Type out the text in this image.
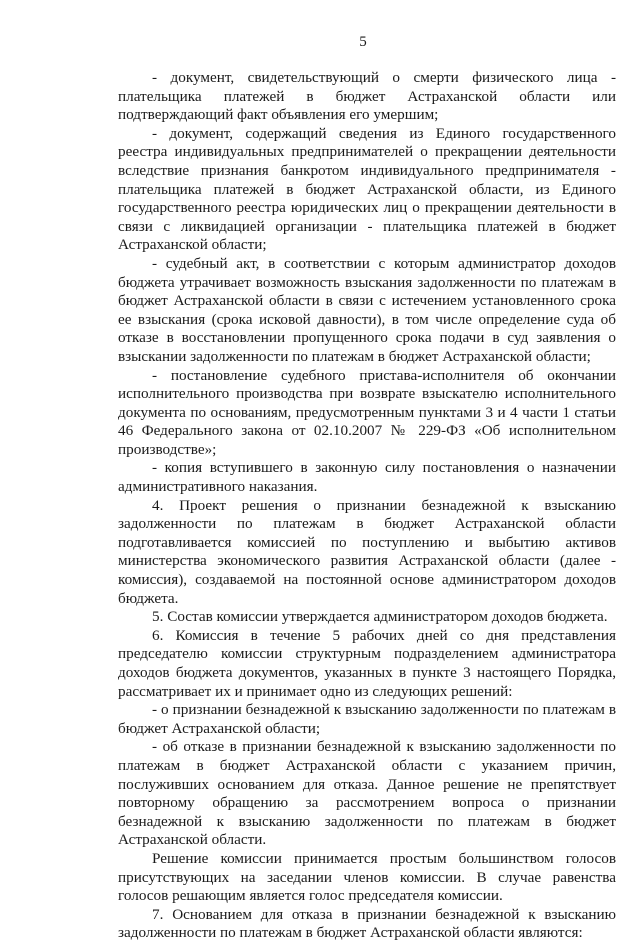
5

- документ, свидетельствующий о смерти физического лица - плательщика платежей в бюджет Астраханской области или подтверждающий факт объявления его умершим;

- документ, содержащий сведения из Единого государственного реестра индивидуальных предпринимателей о прекращении деятельности вследствие признания банкротом индивидуального предпринимателя - плательщика платежей в бюджет Астраханской области, из Единого государственного реестра юридических лиц о прекращении деятельности в связи с ликвидацией организации - плательщика платежей в бюджет Астраханской области;

- судебный акт, в соответствии с которым администратор доходов бюджета утрачивает возможность взыскания задолженности по платежам в бюджет Астраханской области в связи с истечением установленного срока ее взыскания (срока исковой давности), в том числе определение суда об отказе в восстановлении пропущенного срока подачи в суд заявления о взыскании задолженности по платежам в бюджет Астраханской области;

- постановление судебного пристава-исполнителя об окончании исполнительного производства при возврате взыскателю исполнительного документа по основаниям, предусмотренным пунктами 3 и 4 части 1 статьи 46 Федерального закона от 02.10.2007 № 229-ФЗ «Об исполнительном производстве»;

- копия вступившего в законную силу постановления о назначении административного наказания.

4. Проект решения о признании безнадежной к взысканию задолженности по платежам в бюджет Астраханской области подготавливается комиссией по поступлению и выбытию активов министерства экономического развития Астраханской области (далее - комиссия), создаваемой на постоянной основе администратором доходов бюджета.

5. Состав комиссии утверждается администратором доходов бюджета.

6. Комиссия в течение 5 рабочих дней со дня представления председателю комиссии структурным подразделением администратора доходов бюджета документов, указанных в пункте 3 настоящего Порядка, рассматривает их и принимает одно из следующих решений:

- о признании безнадежной к взысканию задолженности по платежам в бюджет Астраханской области;

- об отказе в признании безнадежной к взысканию задолженности по платежам в бюджет Астраханской области с указанием причин, послуживших основанием для отказа. Данное решение не препятствует повторному обращению за рассмотрением вопроса о признании безнадежной к взысканию задолженности по платежам в бюджет Астраханской области.

Решение комиссии принимается простым большинством голосов присутствующих на заседании членов комиссии. В случае равенства голосов решающим является голос председателя комиссии.

7. Основанием для отказа в признании безнадежной к взысканию задолженности по платежам в бюджет Астраханской области являются:
